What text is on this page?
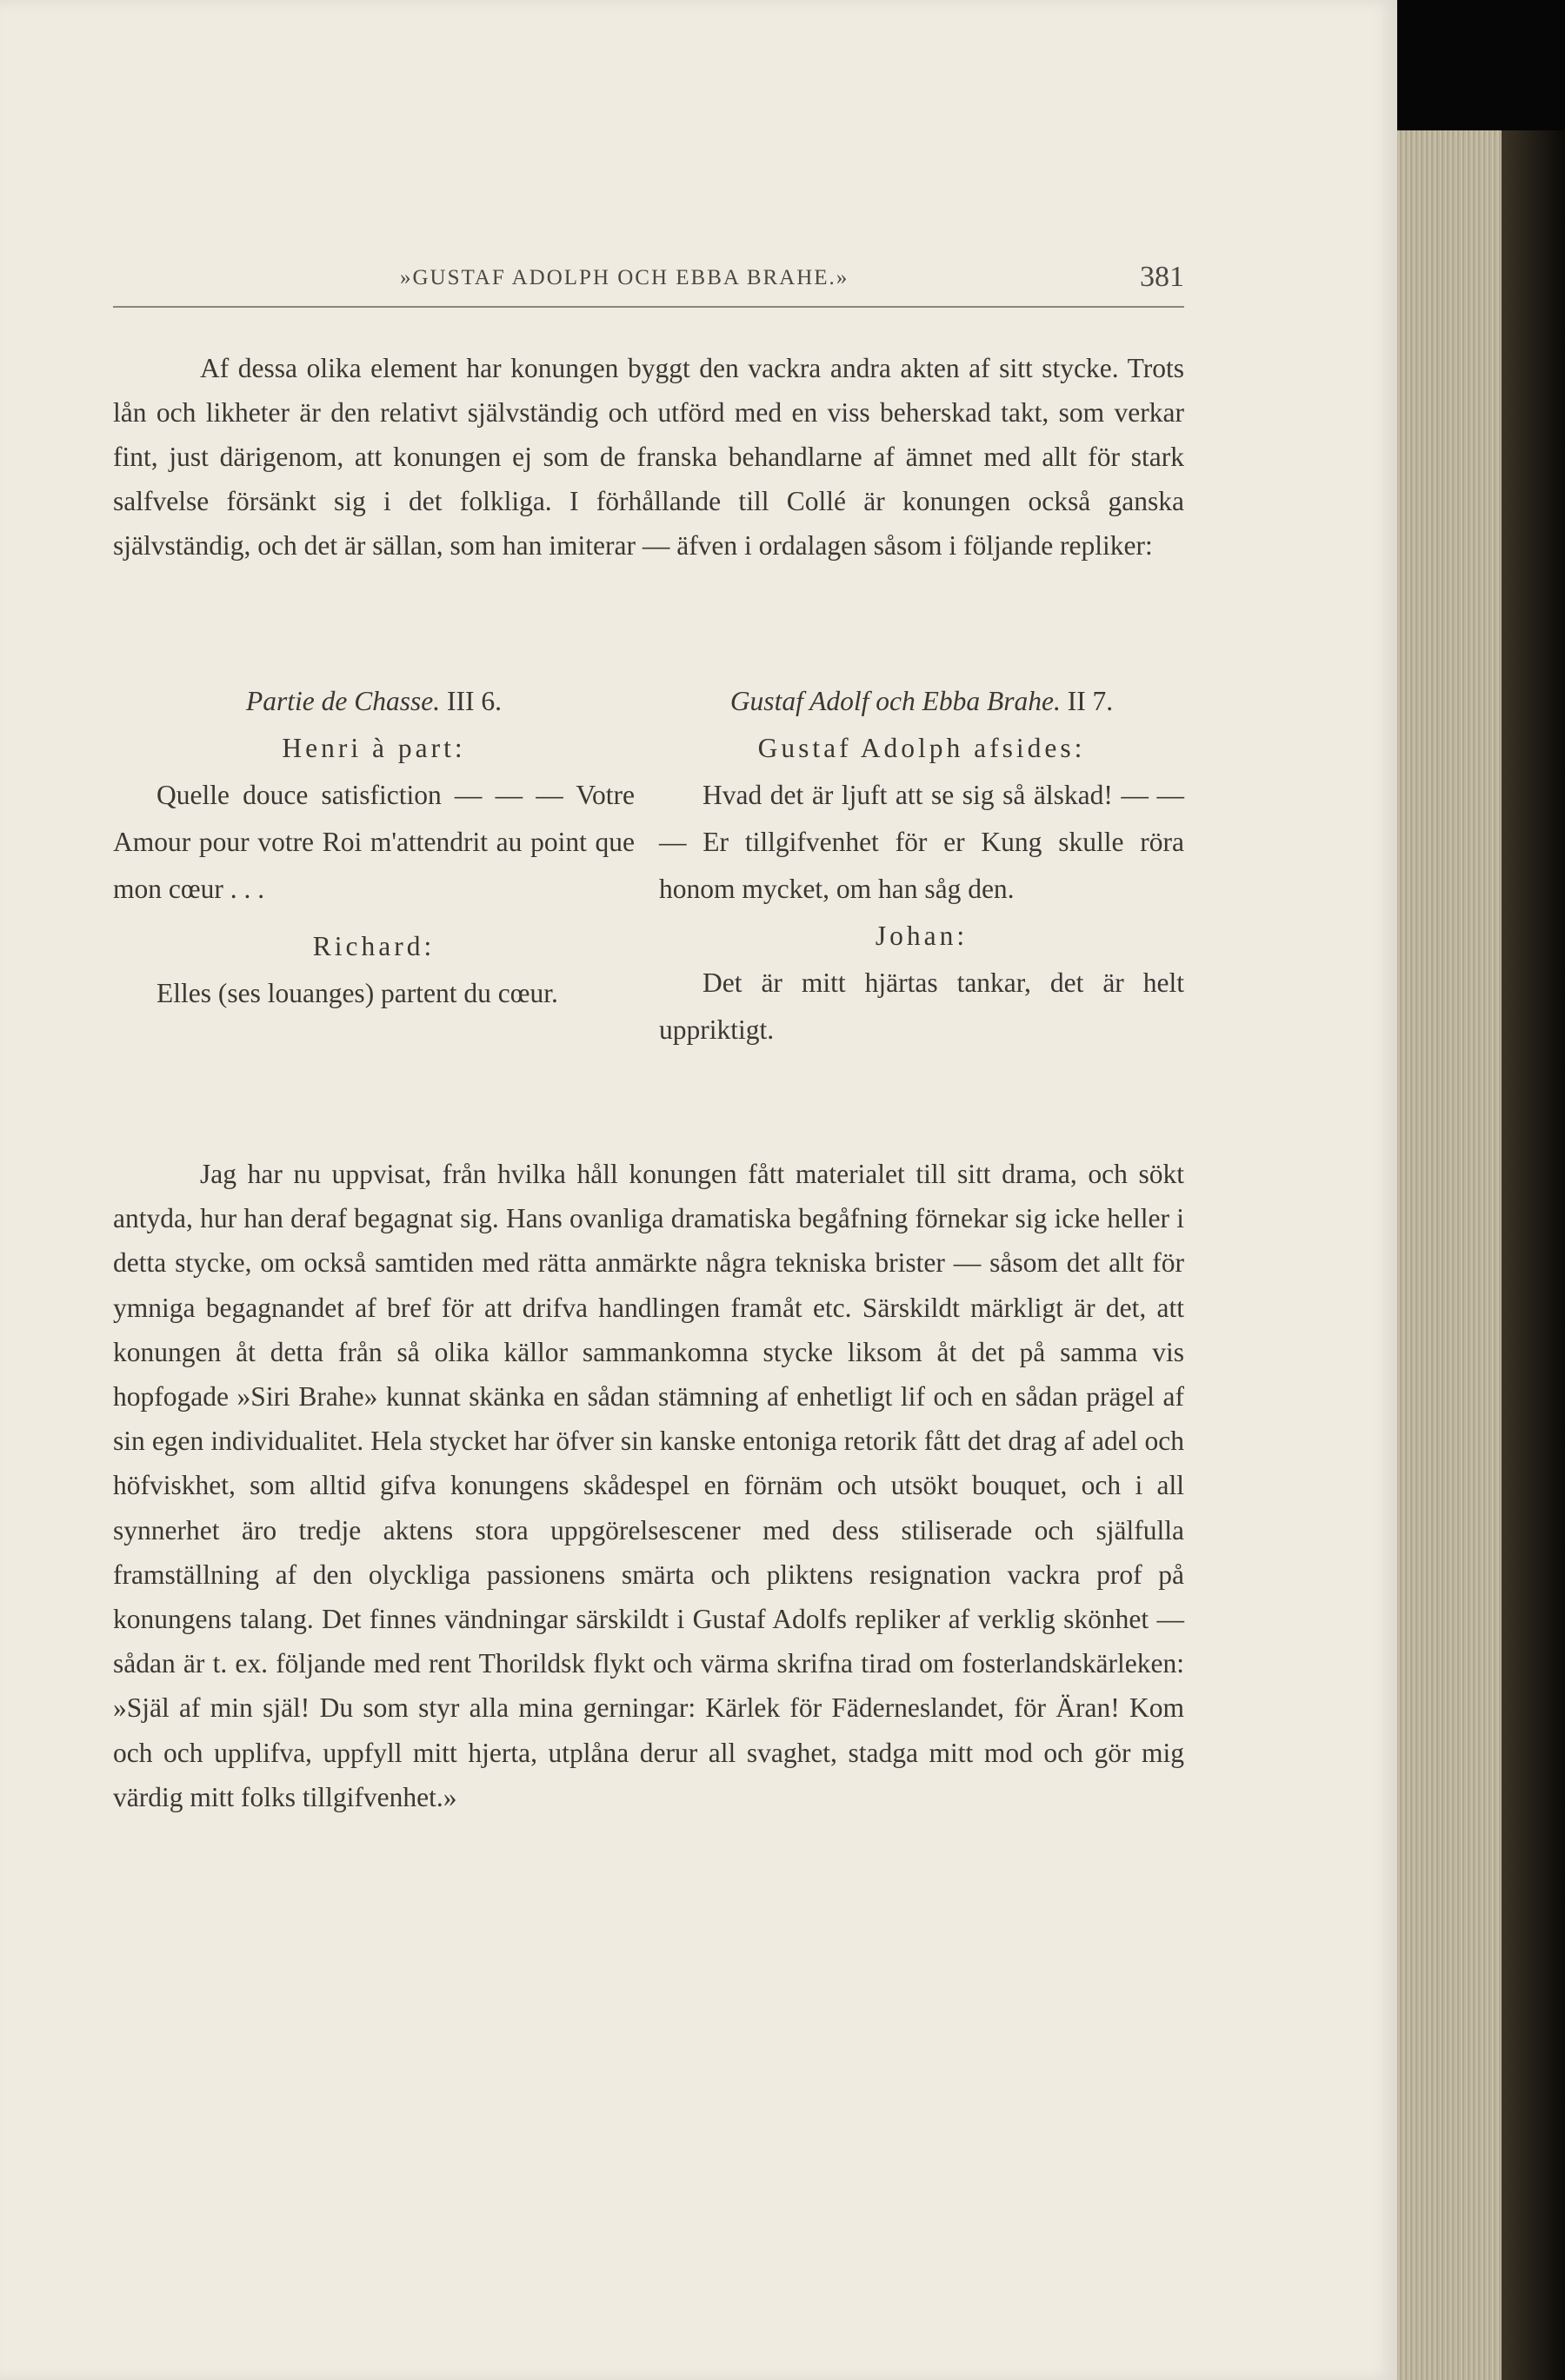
»GUSTAF ADOLPH OCH EBBA BRAHE.»	381

Af dessa olika element har konungen byggt den vackra andra akten af sitt stycke. Trots lån och likheter är den relativt självständig och utförd med en viss beherskad takt, som verkar fint, just därigenom, att konungen ej som de franska behandlarne af ämnet med allt för stark salfvelse försänkt sig i det folkliga. I förhållande till Collé är konungen också ganska självständig, och det är sällan, som han imiterar — äfven i ordalagen såsom i följande repliker:

Partie de Chasse. III 6.
Henri à part:
Quelle douce satisfiction — — — Votre Amour pour votre Roi m'attendrit au point que mon cœur . . .
Richard:
Elles (ses louanges) partent du cœur.
Gustaf Adolf och Ebba Brahe. II 7.
Gustaf Adolph afsides:
Hvad det är ljuft att se sig så älskad! — — — Er tillgifvenhet för er Kung skulle röra honom mycket, om han såg den.
Johan:
Det är mitt hjärtas tankar, det är helt uppriktigt.

Jag har nu uppvisat, från hvilka håll konungen fått materialet till sitt drama, och sökt antyda, hur han deraf begagnat sig. Hans ovanliga dramatiska begåfning förnekar sig icke heller i detta stycke, om också samtiden med rätta anmärkte några tekniska brister — såsom det allt för ymniga begagnandet af bref för att drifva handlingen framåt etc. Särskildt märkligt är det, att konungen åt detta från så olika källor sammankomna stycke liksom åt det på samma vis hopfogade »Siri Brahe» kunnat skänka en sådan stämning af enhetligt lif och en sådan prägel af sin egen individualitet. Hela stycket har öfver sin kanske entoniga retorik fått det drag af adel och höfviskhet, som alltid gifva konungens skådespel en förnäm och utsökt bouquet, och i all synnerhet äro tredje aktens stora uppgörelsescener med dess stiliserade och själfulla framställning af den olyckliga passionens smärta och pliktens resignation vackra prof på konungens talang. Det finnes vändningar särskildt i Gustaf Adolfs repliker af verklig skönhet — sådan är t. ex. följande med rent Thorildsk flykt och värma skrifna tirad om fosterlandskärleken: »Själ af min själ! Du som styr alla mina gerningar: Kärlek för Fäderneslandet, för Äran! Kom och och upplifva, uppfyll mitt hjerta, utplåna derur all svaghet, stadga mitt mod och gör mig värdig mitt folks tillgifvenhet.»
